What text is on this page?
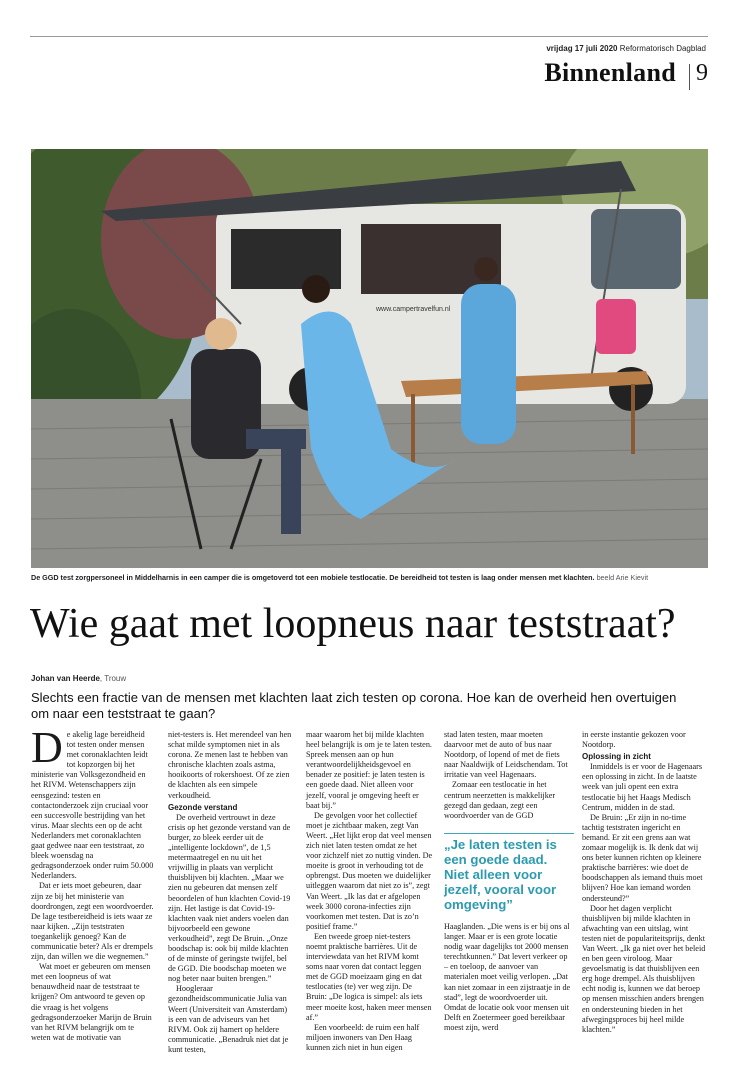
vrijdag 17 juli 2020 Reformatorisch Dagblad
Binnenland 9
www.campertravelfun.nl
De GGD test zorgpersoneel in Middelharnis in een camper die is omgetoverd tot een mobiele testlocatie. De bereidheid tot testen is laag onder mensen met klachten. beeld Arie Kievit
Wie gaat met loopneus naar teststraat?
Johan van Heerde, Trouw
Slechts een fractie van de mensen met klachten laat zich testen op corona. Hoe kan de overheid hen overtuigen om naar een teststraat te gaan?

De akelig lage bereidheid tot testen onder mensen met coronaklachten leidt tot kopzorgen bij het ministerie van Volksgezondheid en het RIVM. Wetenschappers zijn eensgezind: testen en contactonderzoek zijn cruciaal voor een succesvolle bestrijding van het virus. Maar slechts een op de acht Nederlanders met coronaklachten gaat gedwee naar een teststraat, zo bleek woensdag na gedragsonderzoek onder ruim 50.000 Nederlanders.

Dat er iets moet gebeuren, daar zijn ze bij het ministerie van doordrongen, zegt een woordvoerder. De lage testbereidheid is iets waar ze naar kijken. „Zijn teststraten toegankelijk genoeg? Kan de communicatie beter? Als er drempels zijn, dan willen we die wegnemen.”

Wat moet er gebeuren om mensen met een loopneus of wat benauwdheid naar de teststraat te krijgen? Om antwoord te geven op die vraag is het volgens gedragsonderzoeker Marijn de Bruin van het RIVM belangrijk om te weten wat de motivatie van

niet-testers is. Het merendeel van hen schat milde symptomen niet in als corona. Ze menen last te hebben van chronische klachten zoals astma, hooikoorts of rokershoest. Of ze zien de klachten als een simpele verkoudheid.

Gezonde verstand

De overheid vertrouwt in deze crisis op het gezonde verstand van de burger, zo bleek eerder uit de „intelligente lockdown”, de 1,5 metermaatregel en nu uit het vrijwillig in plaats van verplicht thuisblijven bij klachten. „Maar we zien nu gebeuren dat mensen zelf beoordelen of hun klachten Covid-19 zijn. Het lastige is dat Covid-19-klachten vaak niet anders voelen dan bijvoorbeeld een gewone verkoudheid”, zegt De Bruin. „Onze boodschap is: ook bij milde klachten of de minste of geringste twijfel, bel de GGD. Die boodschap moeten we nog beter naar buiten brengen.”

Hoogleraar gezondheidscommunicatie Julia van Weert (Universiteit van Amsterdam) is een van de adviseurs van het RIVM. Ook zij hamert op heldere communicatie. „Benadruk niet dat je kunt testen,

maar waarom het bij milde klachten heel belangrijk is om je te laten testen. Spreek mensen aan op hun verantwoordelijkheidsgevoel en benader ze positief: je laten testen is een goede daad. Niet alleen voor jezelf, vooral je omgeving heeft er baat bij.”

De gevolgen voor het collectief moet je zichtbaar maken, zegt Van Weert. „Het lijkt erop dat veel mensen zich niet laten testen omdat ze het voor zichzelf niet zo nuttig vinden. De moeite is groot in verhouding tot de opbrengst. Dus moeten we duidelijker uitleggen waarom dat niet zo is”, zegt Van Weert. „Ik las dat er afgelopen week 3000 corona-infecties zijn voorkomen met testen. Dat is zo’n positief frame.”

Een tweede groep niet-testers noemt praktische barrières. Uit de interviewdata van het RIVM komt soms naar voren dat contact leggen met de GGD moeizaam ging en dat testlocaties (te) ver weg zijn. De Bruin: „De logica is simpel: als iets meer moeite kost, haken meer mensen af.”

Een voorbeeld: de ruim een half miljoen inwoners van Den Haag kunnen zich niet in hun eigen

stad laten testen, maar moeten daarvoor met de auto of bus naar Nootdorp, of lopend of met de fiets naar Naaldwijk of Leidschendam. Tot irritatie van veel Hagenaars.

Zomaar een testlocatie in het centrum neerzetten is makkelijker gezegd dan gedaan, zegt een woordvoerder van de GGD

„Je laten testen is een goede daad. Niet alleen voor jezelf, vooral voor omgeving”

Haaglanden. „Die wens is er bij ons al langer. Maar er is een grote locatie nodig waar dagelijks tot 2000 mensen terechtkunnen.” Dat levert verkeer op – en toeloop, de aanvoer van materialen moet veilig verlopen. „Dat kan niet zomaar in een zijstraatje in de stad”, legt de woordvoerder uit. Omdat de locatie ook voor mensen uit Delft en Zoetermeer goed bereikbaar moest zijn, werd

in eerste instantie gekozen voor Nootdorp.

Oplossing in zicht

Inmiddels is er voor de Hagenaars een oplossing in zicht. In de laatste week van juli opent een extra testlocatie bij het Haags Medisch Centrum, midden in de stad.

De Bruin: „Er zijn in no-time tachtig teststraten ingericht en bemand. Er zit een grens aan wat zomaar mogelijk is. Ik denk dat wij ons beter kunnen richten op kleinere praktische barrières: wie doet de boodschappen als iemand thuis moet blijven? Hoe kan iemand worden ondersteund?”

Door het dagen verplicht thuisblijven bij milde klachten in afwachting van een uitslag, wint testen niet de populariteitsprijs, denkt Van Weert. „Ik ga niet over het beleid en ben geen viroloog. Maar gevoelsmatig is dat thuisblijven een erg hoge drempel. Als thuisblijven echt nodig is, kunnen we dat beroep op mensen misschien anders brengen en ondersteuning bieden in het afwegingsproces bij heel milde klachten.”
